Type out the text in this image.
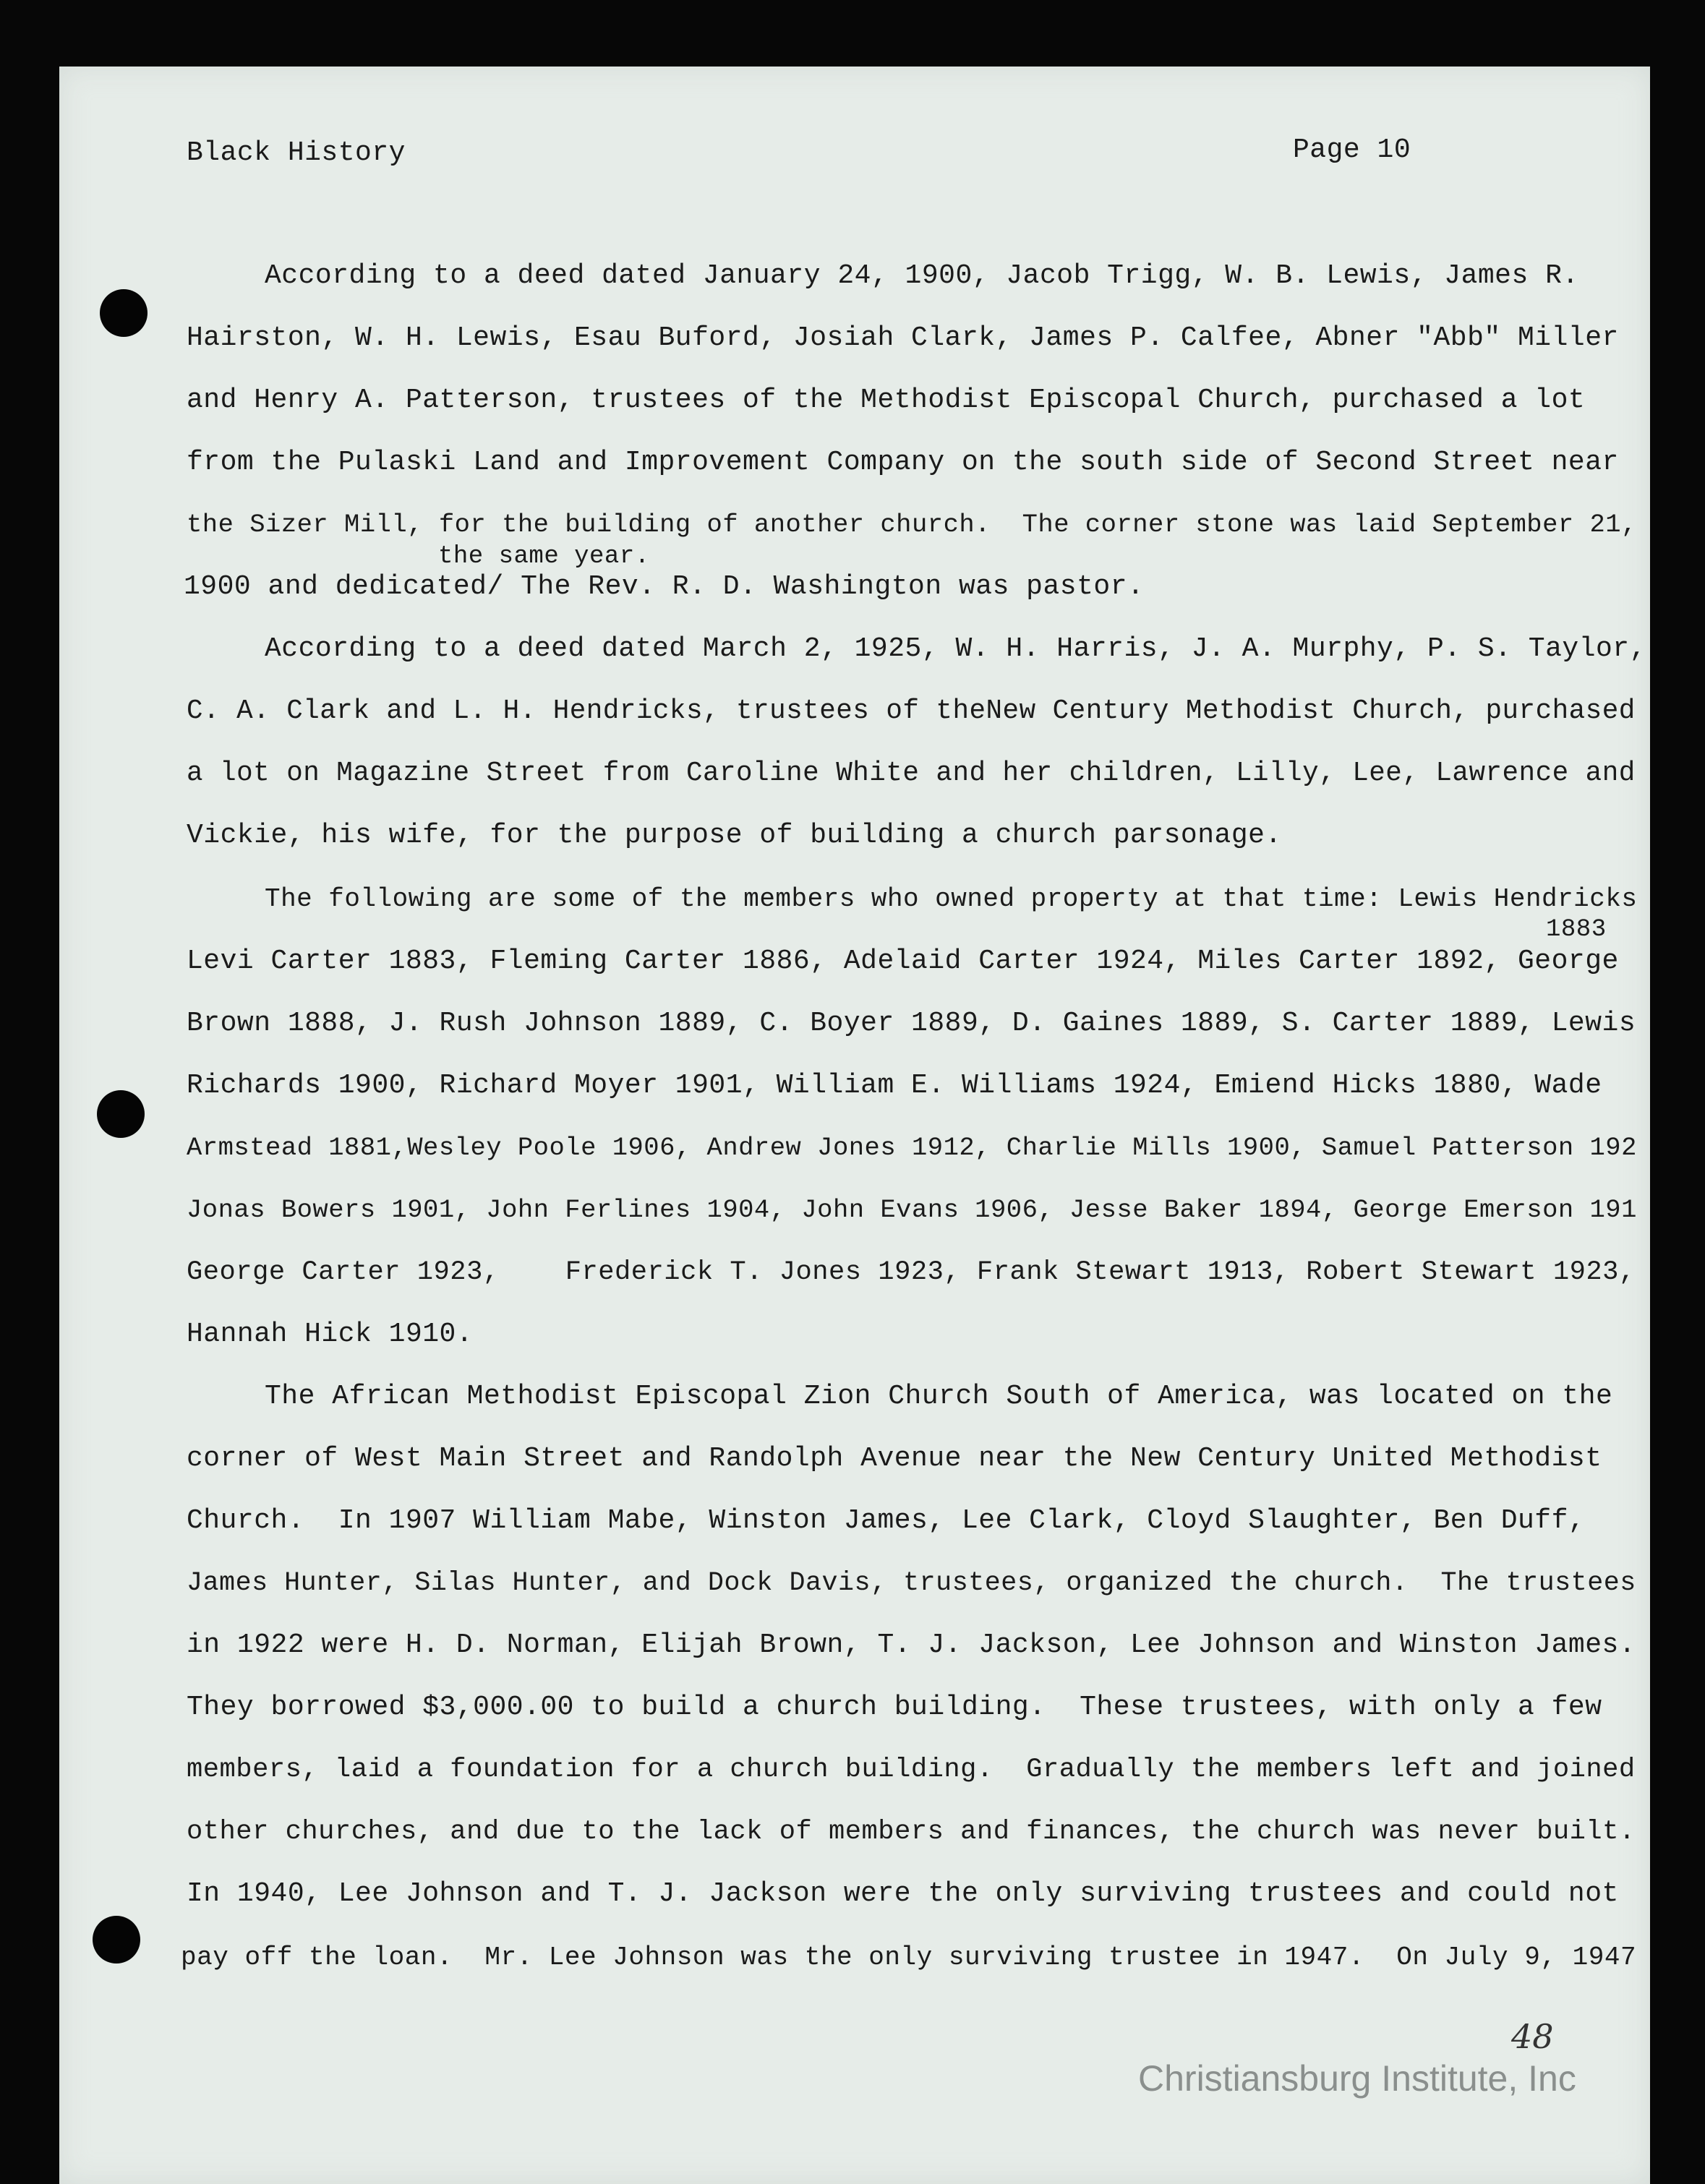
Black History	Page 10
According to a deed dated January 24, 1900, Jacob Trigg, W. B. Lewis, James R.
Hairston, W. H. Lewis, Esau Buford, Josiah Clark, James P. Calfee, Abner "Abb" Miller
and Henry A. Patterson, trustees of the Methodist Episcopal Church, purchased a lot
from the Pulaski Land and Improvement Company on the south side of Second Street near
the Sizer Mill, for the building of another church.  The corner stone was laid September 21,
the same year.
1900 and dedicated/ The Rev. R. D. Washington was pastor.
According to a deed dated March 2, 1925, W. H. Harris, J. A. Murphy, P. S. Taylor,
C. A. Clark and L. H. Hendricks, trustees of theNew Century Methodist Church, purchased
a lot on Magazine Street from Caroline White and her children, Lilly, Lee, Lawrence and
Vickie, his wife, for the purpose of building a church parsonage.
The following are some of the members who owned property at that time: Lewis Hendricks
1883
Levi Carter 1883, Fleming Carter 1886, Adelaid Carter 1924, Miles Carter 1892, George
Brown 1888, J. Rush Johnson 1889, C. Boyer 1889, D. Gaines 1889, S. Carter 1889, Lewis
Richards 1900, Richard Moyer 1901, William E. Williams 1924, Emiend Hicks 1880, Wade
Armstead 1881,Wesley Poole 1906, Andrew Jones 1912, Charlie Mills 1900, Samuel Patterson 192
Jonas Bowers 1901, John Ferlines 1904, John Evans 1906, Jesse Baker 1894, George Emerson 191
George Carter 1923,    Frederick T. Jones 1923, Frank Stewart 1913, Robert Stewart 1923,
Hannah Hick 1910.
The African Methodist Episcopal Zion Church South of America, was located on the
corner of West Main Street and Randolph Avenue near the New Century United Methodist
Church.  In 1907 William Mabe, Winston James, Lee Clark, Cloyd Slaughter, Ben Duff,
James Hunter, Silas Hunter, and Dock Davis, trustees, organized the church.  The trustees
in 1922 were H. D. Norman, Elijah Brown, T. J. Jackson, Lee Johnson and Winston James.
They borrowed $3,000.00 to build a church building.  These trustees, with only a few
members, laid a foundation for a church building.  Gradually the members left and joined
other churches, and due to the lack of members and finances, the church was never built.
In 1940, Lee Johnson and T. J. Jackson were the only surviving trustees and could not
pay off the loan.  Mr. Lee Johnson was the only surviving trustee in 1947.  On July 9, 1947
48
Christiansburg Institute, Inc
